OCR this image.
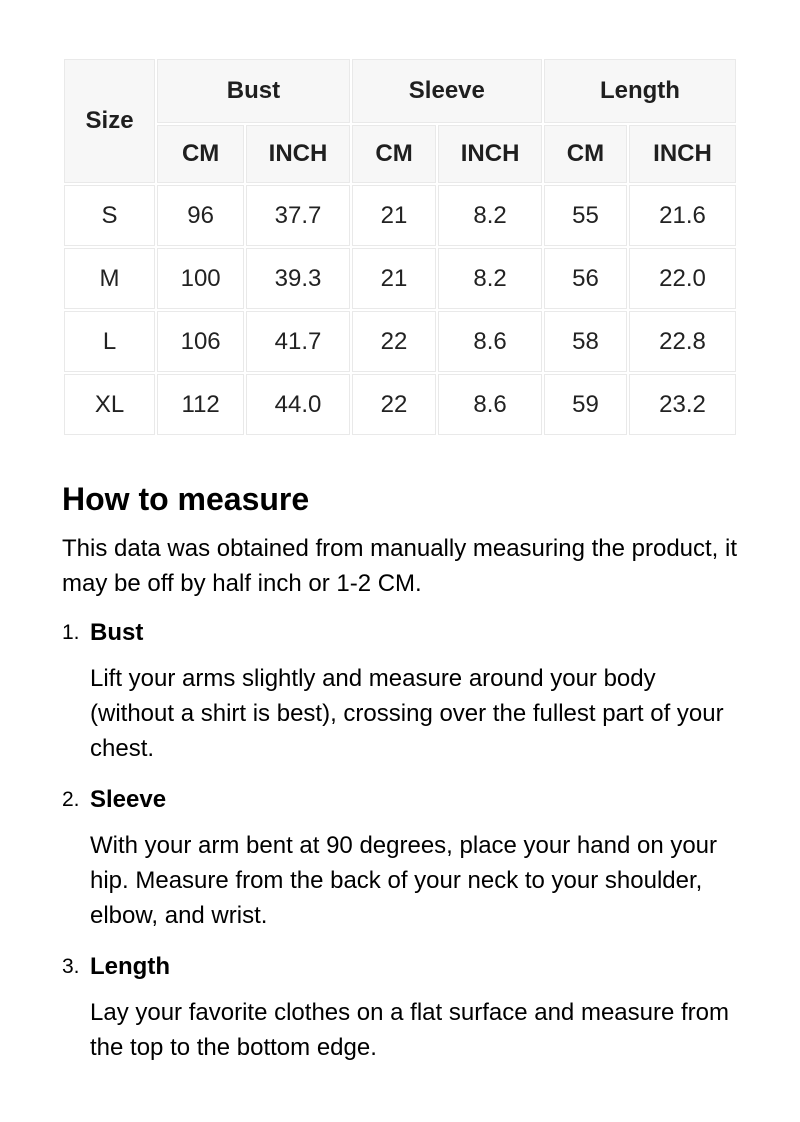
Size	Bust		Sleeve		Length	
	CM	INCH	CM	INCH	CM	INCH
S	96	37.7	21	8.2	55	21.6
M	100	39.3	21	8.2	56	22.0
L	106	41.7	22	8.6	58	22.8
XL	112	44.0	22	8.6	59	23.2
How to measure

This data was obtained from manually measuring the product, it may be off by half inch or 1-2 CM.

1. Bust

Lift your arms slightly and measure around your body (without a shirt is best), crossing over the fullest part of your chest.

2. Sleeve

With your arm bent at 90 degrees, place your hand on your hip. Measure from the back of your neck to your shoulder, elbow, and wrist.

3. Length

Lay your favorite clothes on a flat surface and measure from the top to the bottom edge.
